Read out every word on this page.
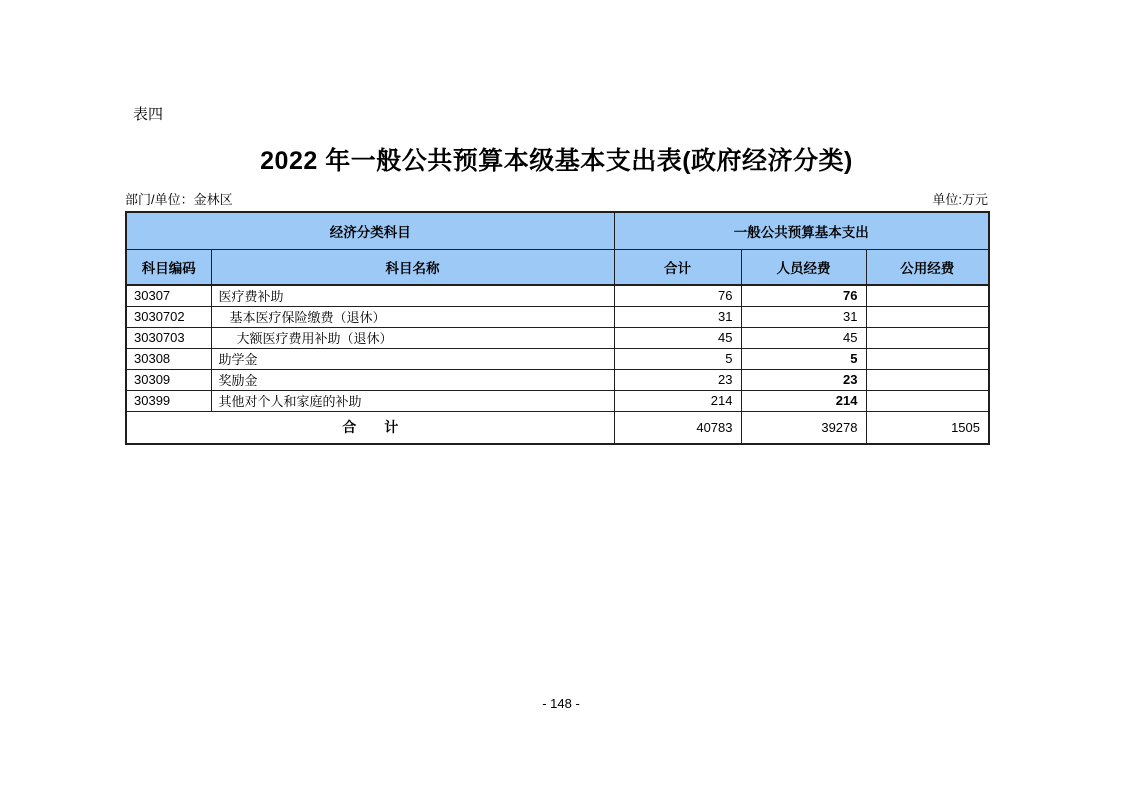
表四
2022 年一般公共预算本级基本支出表(政府经济分类)
部门/单位：金林区	单位:万元
经济分类科目		一般公共预算基本支出		
科目编码	科目名称	合计	人员经费	公用经费
30307	医疗费补助	76	76	
3030702	基本医疗保险缴费（退休）	31	31	
3030703	大额医疗费用补助（退休）	45	45	
30308	助学金	5	5	
30309	奖励金	23	23	
30399	其他对个人和家庭的补助	214	214	
合　　计		40783	39278	1505
- 148 -
